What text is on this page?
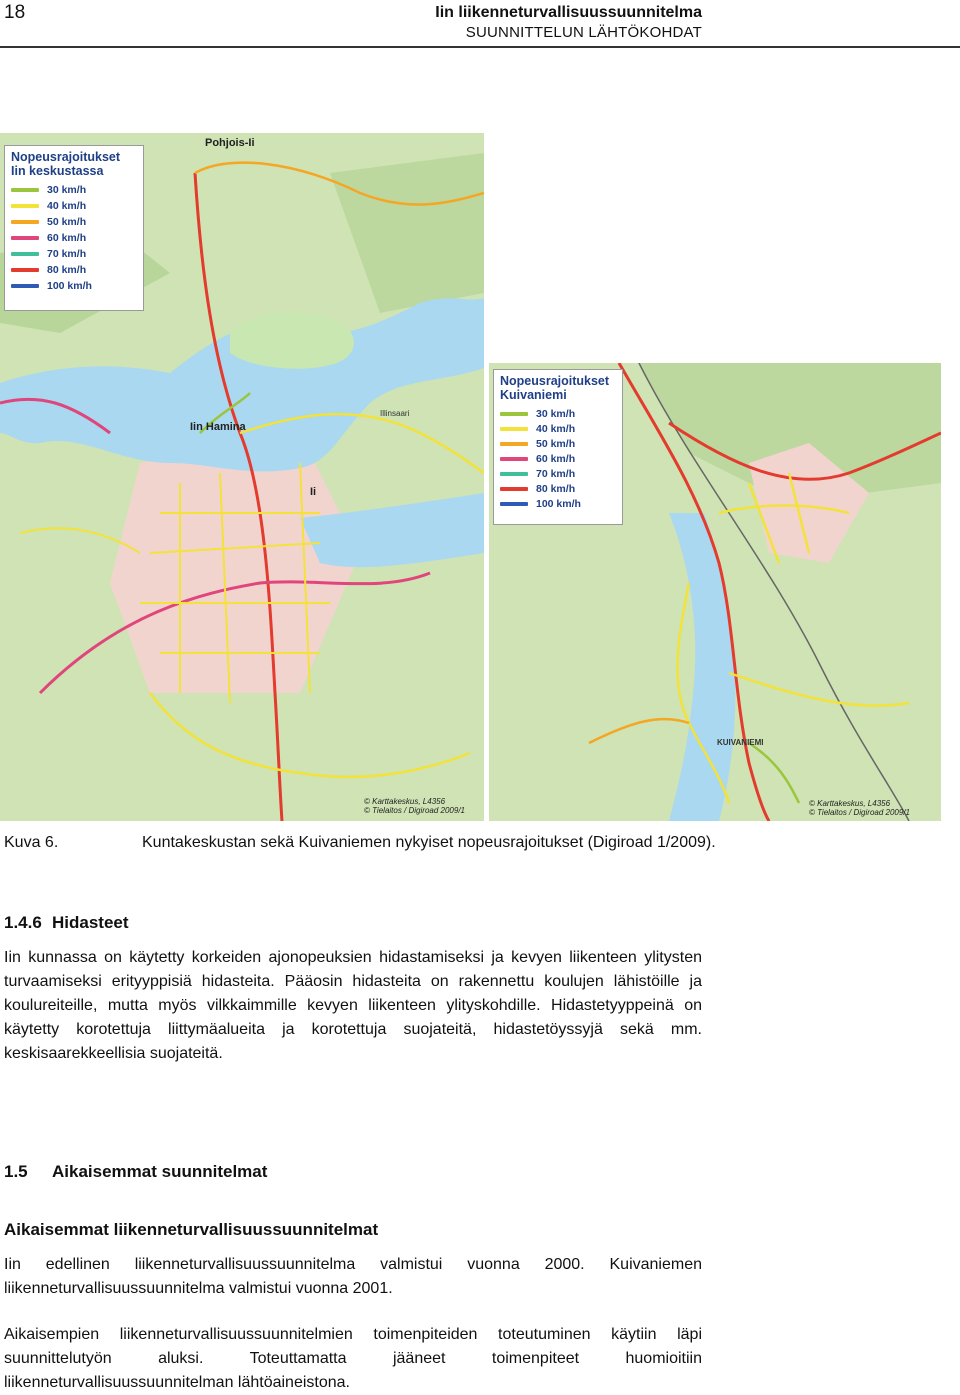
18	Iin liikenneturvallisuussuunnitelma
SUUNNITTELUN LÄHTÖKOHDAT
Nopeusrajoitukset
Iin keskustassa
30 km/h
40 km/h
50 km/h
60 km/h
70 km/h
80 km/h
100 km/h
Pohjois-Ii
Iin Hamina
Ii
Illinsaari
© Karttakeskus, L4356
© Tielaitos / Digiroad 2009/1
Nopeusrajoitukset
Kuivaniemi
30 km/h
40 km/h
50 km/h
60 km/h
70 km/h
80 km/h
100 km/h
KUIVANIEMI
© Karttakeskus, L4356
© Tielaitos / Digiroad 2009/1
Kuva 6.	Kuntakeskustan sekä Kuivaniemen nykyiset nopeusrajoitukset (Digiroad 1/2009).
1.4.6 Hidasteet

Iin kunnassa on käytetty korkeiden ajonopeuksien hidastamiseksi ja kevyen liikenteen ylitysten turvaamiseksi erityyppisiä hidasteita. Pääosin hidasteita on rakennettu koulujen lähistöille ja koulureiteille, mutta myös vilkkaimmille kevyen liikenteen ylityskohdille. Hidastetyyppeinä on käytetty korotettuja liittymäalueita ja korotettuja suojateitä, hidastetöyssyjä sekä mm. keskisaarekkeellisia suojateitä.

1.5 Aikaisemmat suunnitelmat
Aikaisemmat liikenneturvallisuussuunnitelmat

Iin edellinen liikenneturvallisuussuunnitelma valmistui vuonna 2000. Kuivaniemen liikenneturvallisuussuunnitelma valmistui vuonna 2001.

Aikaisempien liikenneturvallisuussuunnitelmien toimenpiteiden toteutuminen käytiin läpi suunnittelutyön aluksi. Toteuttamatta jääneet toimenpiteet huomioitiin liikenneturvallisuussuunnitelman lähtöaineistona.
